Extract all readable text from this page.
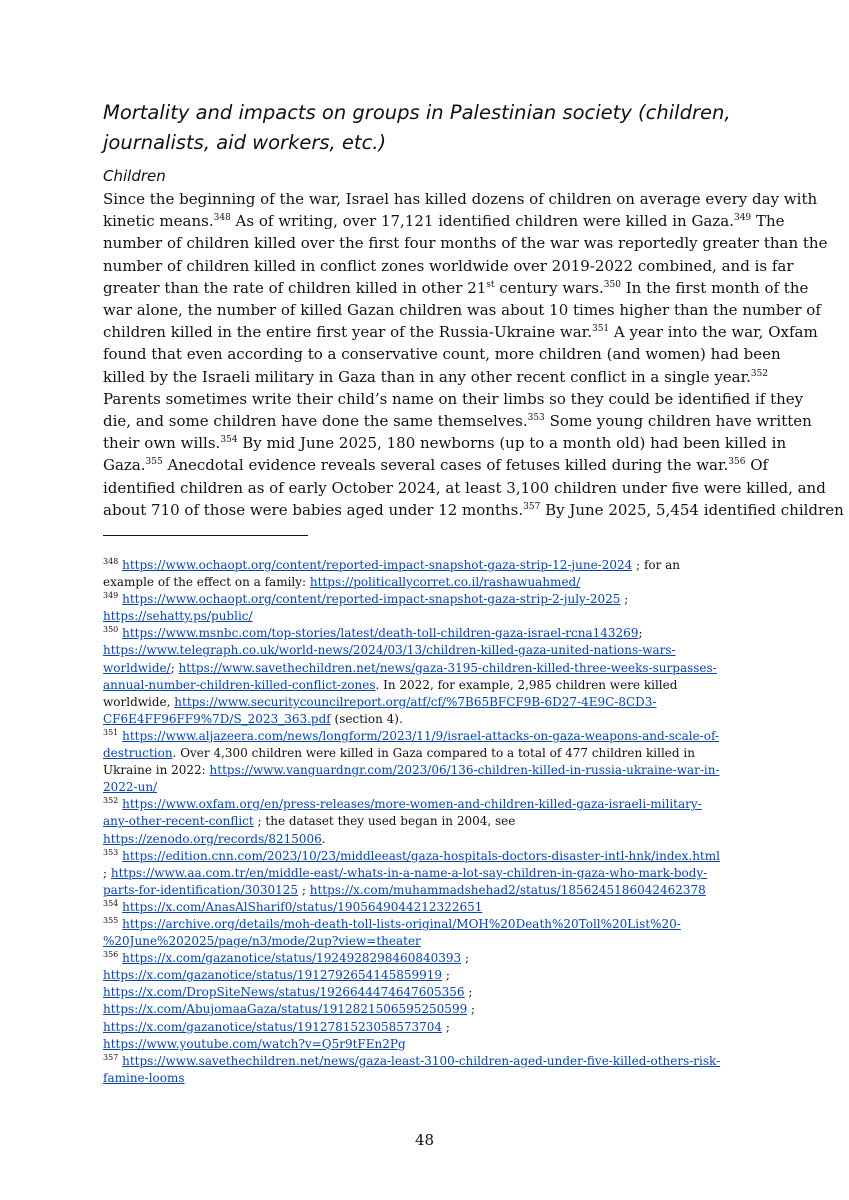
Mortality and impacts on groups in Palestinian society (children, journalists, aid workers, etc.)
Children

Since the beginning of the war, Israel has killed dozens of children on average every day with
kinetic means.$^{348}$ As of writing, over 17,121 identified children were killed in Gaza.$^{349}$ The
number of children killed over the first four months of the war was reportedly greater than the
number of children killed in conflict zones worldwide over 2019-2022 combined, and is far
greater than the rate of children killed in other 21st century wars.$^{350}$ In the first month of the
war alone, the number of killed Gazan children was about 10 times higher than the number of
children killed in the entire first year of the Russia-Ukraine war.$^{351}$ A year into the war, Oxfam
found that even according to a conservative count, more children (and women) had been
killed by the Israeli military in Gaza than in any other recent conflict in a single year.$^{352}$
Parents sometimes write their child’s name on their limbs so they could be identified if they
die, and some children have done the same themselves.$^{353}$ Some young children have written
their own wills.$^{354}$ By mid June 2025, 180 newborns (up to a month old) had been killed in
Gaza.$^{355}$ Anecdotal evidence reveals several cases of fetuses killed during the war.$^{356}$ Of
identified children as of early October 2024, at least 3,100 children under five were killed, and
about 710 of those were babies aged under 12 months.$^{357}$ By June 2025, 5,454 identified children

$^{348}$ https://www.ochaopt.org/content/reported-impact-snapshot-gaza-strip-12-june-2024 ; for an
example of the effect on a family: https://politicallycorret.co.il/rashawuahmed/
$^{349}$ https://www.ochaopt.org/content/reported-impact-snapshot-gaza-strip-2-july-2025 ;
https://sehatty.ps/public/
$^{350}$ https://www.msnbc.com/top-stories/latest/death-toll-children-gaza-israel-rcna143269;
https://www.telegraph.co.uk/world-news/2024/03/13/children-killed-gaza-united-nations-wars-
worldwide/; https://www.savethechildren.net/news/gaza-3195-children-killed-three-weeks-surpasses-
annual-number-children-killed-conflict-zones. In 2022, for example, 2,985 children were killed
worldwide, https://www.securitycouncilreport.org/atf/cf/%7B65BFCF9B-6D27-4E9C-8CD3-
CF6E4FF96FF9%7D/S_2023_363.pdf (section 4).
$^{351}$ https://www.aljazeera.com/news/longform/2023/11/9/israel-attacks-on-gaza-weapons-and-scale-of-
destruction. Over 4,300 children were killed in Gaza compared to a total of 477 children killed in
Ukraine in 2022: https://www.vanguardngr.com/2023/06/136-children-killed-in-russia-ukraine-war-in-
2022-un/
$^{352}$ https://www.oxfam.org/en/press-releases/more-women-and-children-killed-gaza-israeli-military-
any-other-recent-conflict ; the dataset they used began in 2004, see
https://zenodo.org/records/8215006.
$^{353}$ https://edition.cnn.com/2023/10/23/middleeast/gaza-hospitals-doctors-disaster-intl-hnk/index.html
; https://www.aa.com.tr/en/middle-east/-whats-in-a-name-a-lot-say-children-in-gaza-who-mark-body-
parts-for-identification/3030125 ; https://x.com/muhammadshehad2/status/1856245186042462378
$^{354}$ https://x.com/AnasAlSharif0/status/1905649044212322651
$^{355}$ https://archive.org/details/moh-death-toll-lists-original/MOH%20Death%20Toll%20List%20-
%20June%202025/page/n3/mode/2up?view=theater
$^{356}$ https://x.com/gazanotice/status/1924928298460840393 ;
https://x.com/gazanotice/status/1912792654145859919 ;
https://x.com/DropSiteNews/status/1926644474647605356 ;
https://x.com/AbujomaaGaza/status/1912821506595250599 ;
https://x.com/gazanotice/status/1912781523058573704 ;
https://www.youtube.com/watch?v=Q5r9tFEn2Pg
$^{357}$ https://www.savethechildren.net/news/gaza-least-3100-children-aged-under-five-killed-others-risk-
famine-looms
48
